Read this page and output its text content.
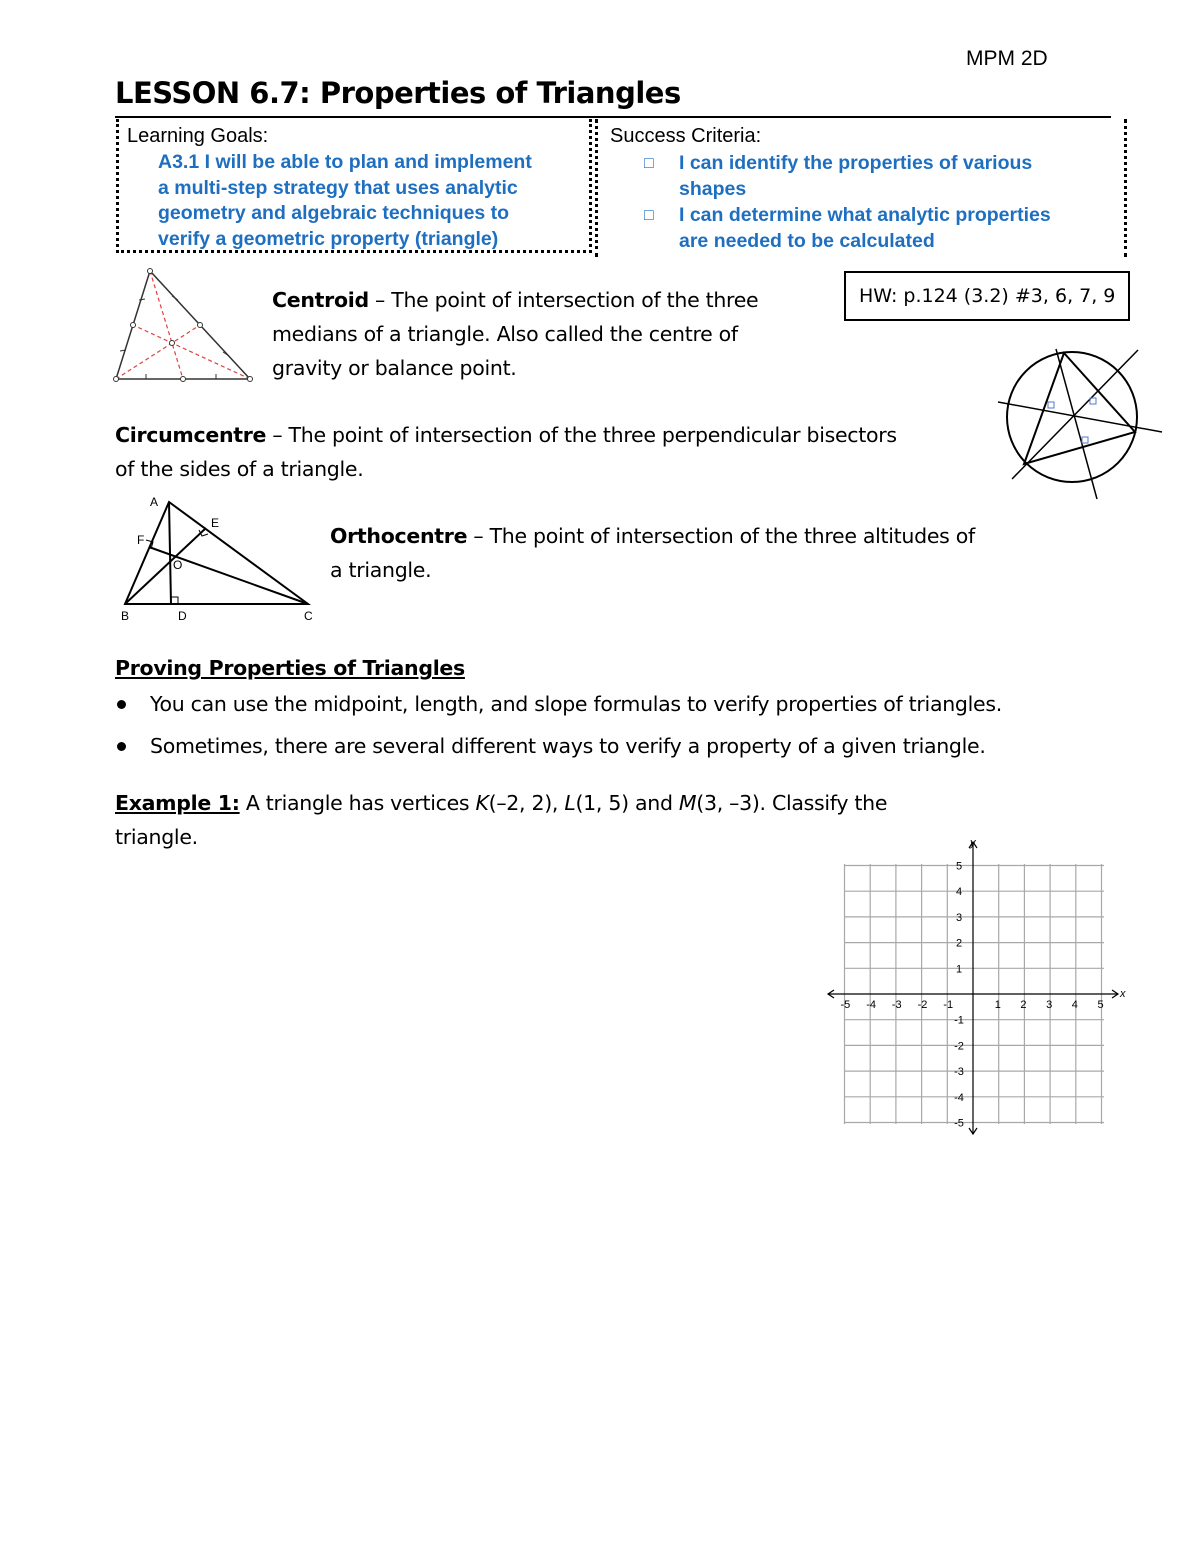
MPM 2D
LESSON 6.7: Properties of Triangles
Learning Goals:
A3.1 I will be able to plan and implement
a multi-step strategy that uses analytic
geometry and algebraic techniques to
verify a geometric property (triangle)
Success Criteria:
□ I can identify the properties of various
shapes
□ I can determine what analytic properties
are needed to be calculated
HW: p.124 (3.2) #3, 6, 7, 9
Centroid – The point of intersection of the three
medians of a triangle. Also called the centre of
gravity or balance point.
Circumcentre – The point of intersection of the three perpendicular bisectors
of the sides of a triangle.
A
B	C
D
E
F
O
Orthocentre – The point of intersection of the three altitudes of
a triangle.
Proving Properties of Triangles
You can use the midpoint, length, and slope formulas to verify properties of triangles.
Sometimes, there are several different ways to verify a property of a given triangle.
Example 1: A triangle has vertices K(–2, 2), L(1, 5) and M(3, –3). Classify the
triangle.	y
x
-5 -4 -3 -2 -1	1 2 3 4 5
5
4
3
2
1
-1
-2
-3
-4
-5
